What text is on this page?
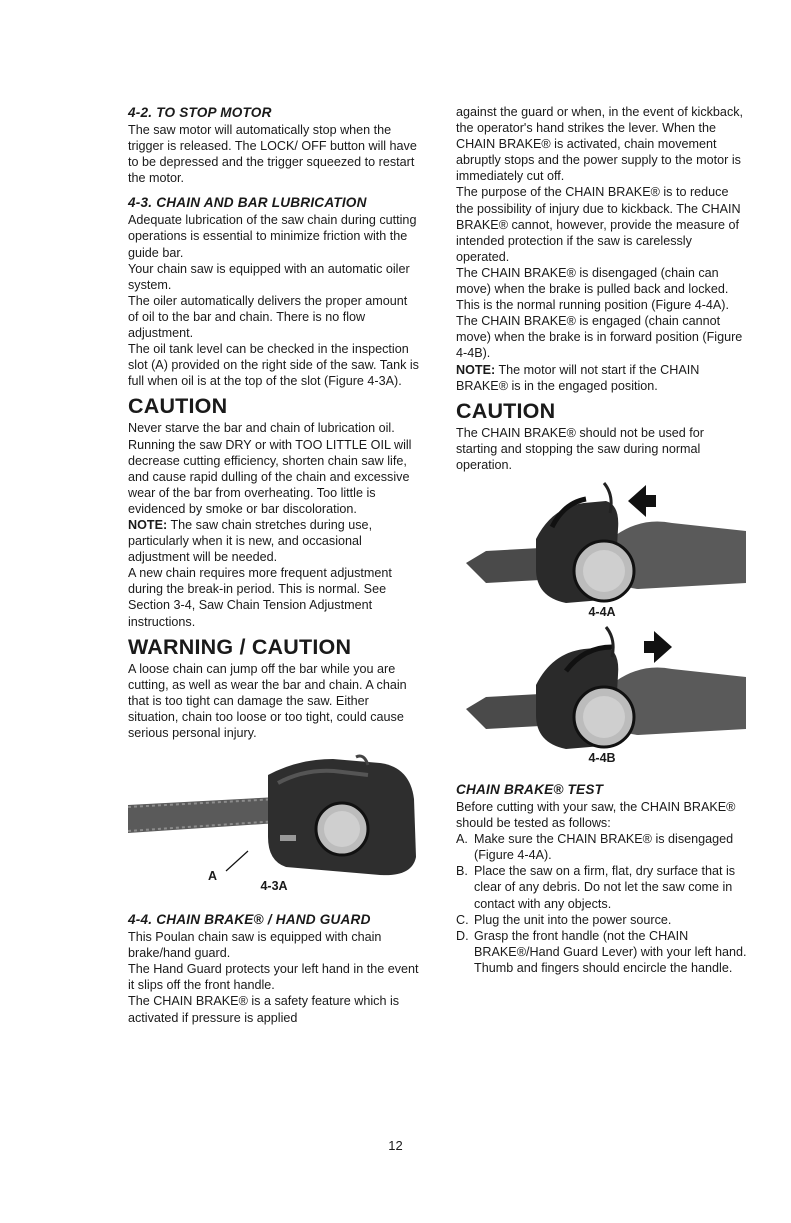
4-2. TO STOP MOTOR

The saw motor will automatically stop when the trigger is released. The LOCK/ OFF button will have to be depressed and the trigger squeezed to restart the motor.

4-3. CHAIN AND BAR LUBRICATION

Adequate lubrication of the saw chain during cutting operations is essential to minimize friction with the guide bar.

Your chain saw is equipped with an automatic oiler system.

The oiler automatically delivers the proper amount of oil to the bar and chain. There is no flow adjustment.

The oil tank level can be checked in the inspection slot (A) provided on the right side of the saw. Tank is full when oil is at the top of the slot (Figure 4-3A).

CAUTION

Never starve the bar and chain of lubrication oil. Running the saw DRY or with TOO LITTLE OIL will decrease cutting efficiency, shorten chain saw life, and cause rapid dulling of the chain and excessive wear of the bar from overheating. Too little is evidenced by smoke or bar discoloration.

NOTE: The saw chain stretches during use, particularly when it is new, and occasional adjustment will be needed.

A new chain requires more frequent adjustment during the break-in period. This is normal. See Section 3-4, Saw Chain Tension Adjustment instructions.

WARNING / CAUTION

A loose chain can jump off the bar while you are cutting, as well as wear the bar and chain. A chain that is too tight can damage the saw. Either situation, chain too loose or too tight, could cause serious personal injury.

A
4-3A
4-4. CHAIN BRAKE® / HAND GUARD

This Poulan chain saw is equipped with chain brake/hand guard.

The Hand Guard protects your left hand in the event it slips off the front handle.

The CHAIN BRAKE® is a safety feature which is activated if pressure is applied

against the guard or when, in the event of kickback, the operator's hand strikes the lever. When the CHAIN BRAKE® is activated, chain movement abruptly stops and the power supply to the motor is immediately cut off.

The purpose of the CHAIN BRAKE® is to reduce the possibility of injury due to kickback. The CHAIN BRAKE® cannot, however, provide the measure of intended protection if the saw is carelessly operated.

The CHAIN BRAKE® is disengaged (chain can move) when the brake is pulled back and locked. This is the normal running position (Figure 4-4A).

The CHAIN BRAKE® is engaged (chain cannot move) when the brake is in forward position (Figure 4-4B).

NOTE: The motor will not start if the CHAIN BRAKE® is in the engaged position.

CAUTION

The CHAIN BRAKE® should not be used for starting and stopping the saw during normal operation.

4-4A
4-4B
CHAIN BRAKE® TEST

Before cutting with your saw, the CHAIN BRAKE® should be tested as follows:

A. Make sure the CHAIN BRAKE® is disengaged (Figure 4-4A).
B. Place the saw on a firm, flat, dry surface that is clear of any debris. Do not let the saw come in contact with any objects.
C. Plug the unit into the power source.
D. Grasp the front handle (not the CHAIN BRAKE®/Hand Guard Lever) with your left hand. Thumb and fingers should encircle the handle.
12
